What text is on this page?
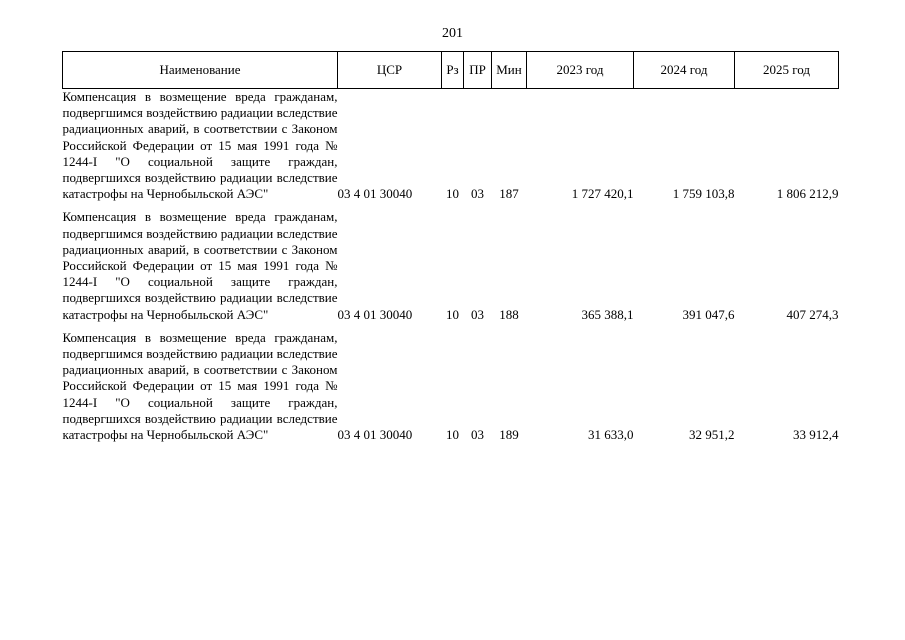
201
Наименование	ЦСР	Рз	ПР	Мин	2023 год	2024 год	2025 год
Компенсация в возмещение вреда гражданам, подвергшимся воздействию радиации вследствие радиационных аварий, в соответствии с Законом Российской Федерации от 15 мая 1991 года № 1244-I "О социальной защите граждан, подвергшихся воздействию радиации вследствие катастрофы на Чернобыльской АЭС"	03 4 01 30040	10	03	187	1 727 420,1	1 759 103,8	1 806 212,9
Компенсация в возмещение вреда гражданам, подвергшимся воздействию радиации вследствие радиационных аварий, в соответствии с Законом Российской Федерации от 15 мая 1991 года № 1244-I "О социальной защите граждан, подвергшихся воздействию радиации вследствие катастрофы на Чернобыльской АЭС"	03 4 01 30040	10	03	188	365 388,1	391 047,6	407 274,3
Компенсация в возмещение вреда гражданам, подвергшимся воздействию радиации вследствие радиационных аварий, в соответствии с Законом Российской Федерации от 15 мая 1991 года № 1244-I "О социальной защите граждан, подвергшихся воздействию радиации вследствие катастрофы на Чернобыльской АЭС"	03 4 01 30040	10	03	189	31 633,0	32 951,2	33 912,4
